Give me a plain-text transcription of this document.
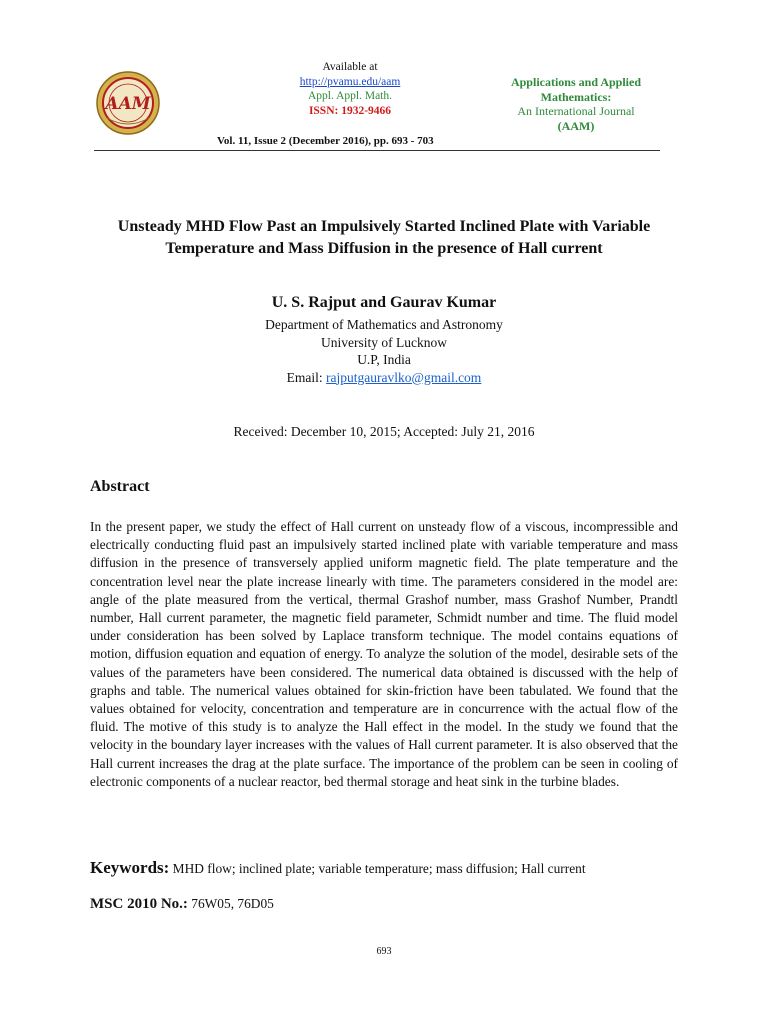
AAM
Available at
http://pvamu.edu/aam
Appl. Appl. Math.
ISSN: 1932-9466
Applications and Applied
Mathematics:
An International Journal
(AAM)
Vol. 11, Issue 2 (December 2016), pp. 693 - 703
Unsteady MHD Flow Past an Impulsively Started Inclined Plate with Variable
Temperature and Mass Diffusion in the presence of Hall current
U. S. Rajput and Gaurav Kumar
Department of Mathematics and Astronomy
University of Lucknow
U.P, India
Email: rajputgauravlko@gmail.com
Received: December 10, 2015; Accepted: July 21, 2016
Abstract
In the present paper, we study the effect of Hall current on unsteady flow of a viscous, incompressible and electrically conducting fluid past an impulsively started inclined plate with variable temperature and mass diffusion in the presence of transversely applied uniform magnetic field. The plate temperature and the concentration level near the plate increase linearly with time. The parameters considered in the model are: angle of the plate measured from the vertical, thermal Grashof number, mass Grashof Number, Prandtl number, Hall current parameter, the magnetic field parameter, Schmidt number and time. The fluid model under consideration has been solved by Laplace transform technique. The model contains equations of motion, diffusion equation and equation of energy. To analyze the solution of the model, desirable sets of the values of the parameters have been considered. The numerical data obtained is discussed with the help of graphs and table. The numerical values obtained for skin-friction have been tabulated. We found that the values obtained for velocity, concentration and temperature are in concurrence with the actual flow of the fluid. The motive of this study is to analyze the Hall effect in the model. In the study we found that the velocity in the boundary layer increases with the values of Hall current parameter. It is also observed that the Hall current increases the drag at the plate surface. The importance of the problem can be seen in cooling of electronic components of a nuclear reactor, bed thermal storage and heat sink in the turbine blades.
Keywords: MHD flow; inclined plate; variable temperature; mass diffusion; Hall current
MSC 2010 No.: 76W05, 76D05
693
